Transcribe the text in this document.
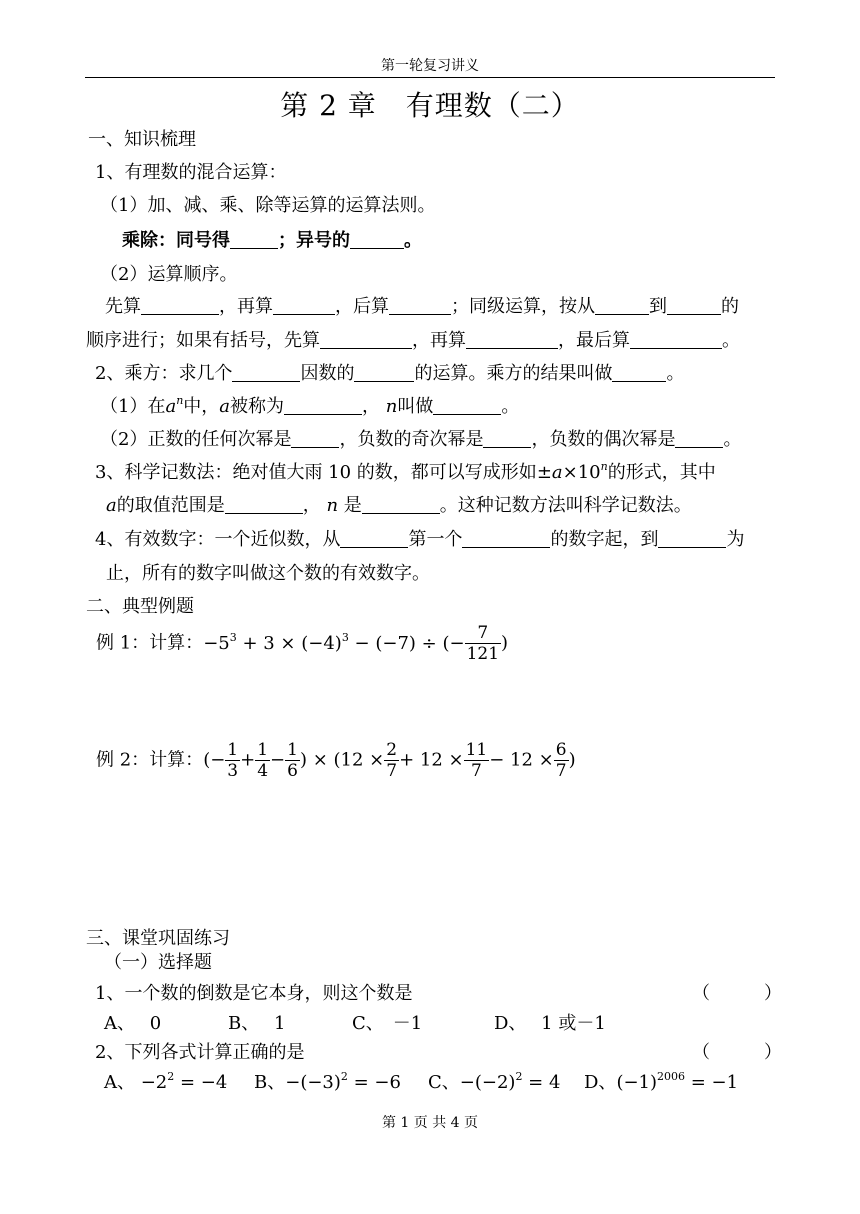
第一轮复习讲义
第 2 章　有理数（二）
一、知识梳理
1、有理数的混合运算：
（1）加、减、乘、除等运算的运算法则。
乘除：同号得	；异号的	。
（2）运算顺序。
先算	，再算	，后算	；同级运算，按从	到	的
顺序进行；如果有括号，先算	，再算	，最后算	。
2、乘方：求几个	因数的	的运算。乘方的结果叫做	。
（1）在$a^n$中，a被称为	， n叫做	。
（2）正数的任何次幂是	，负数的奇次幂是	，负数的偶次幂是	。
3、科学记数法：绝对值大雨 10 的数，都可以写成形如$\pm a\times 10^n$的形式，其中
a的取值范围是	， n 是	。这种记数方法叫科学记数法。
4、有效数字：一个近似数，从	第一个	的数字起，到	为
止，所有的数字叫做这个数的有效数字。
二、典型例题
例 1：计算：$-5^3 + 3 \times (-4)^3 - (-7)$ ÷ (− $\frac{7}{121}$ )
例 2：计算：(− $\frac{1}{3} + \frac{1}{4} - \frac{1}{6}$ ) × ($12 \times \frac{2}{7} + 12 \times \frac{11}{7} - 12 \times \frac{6}{7}$ )
三、课堂巩固练习
（一）选择题
1、一个数的倒数是它本身，则这个数是	（　　　）
A、　 0	B、　 1	C、　－1	D、　 1 或－1
2、下列各式计算正确的是	（　　　）
A、 $-2^2 = -4$ B、$-(-3)^2 = -6$ C、$-(-2)^2 = 4$ D、$(-1)^{2006} = -1$
第 1 页 共 4 页
